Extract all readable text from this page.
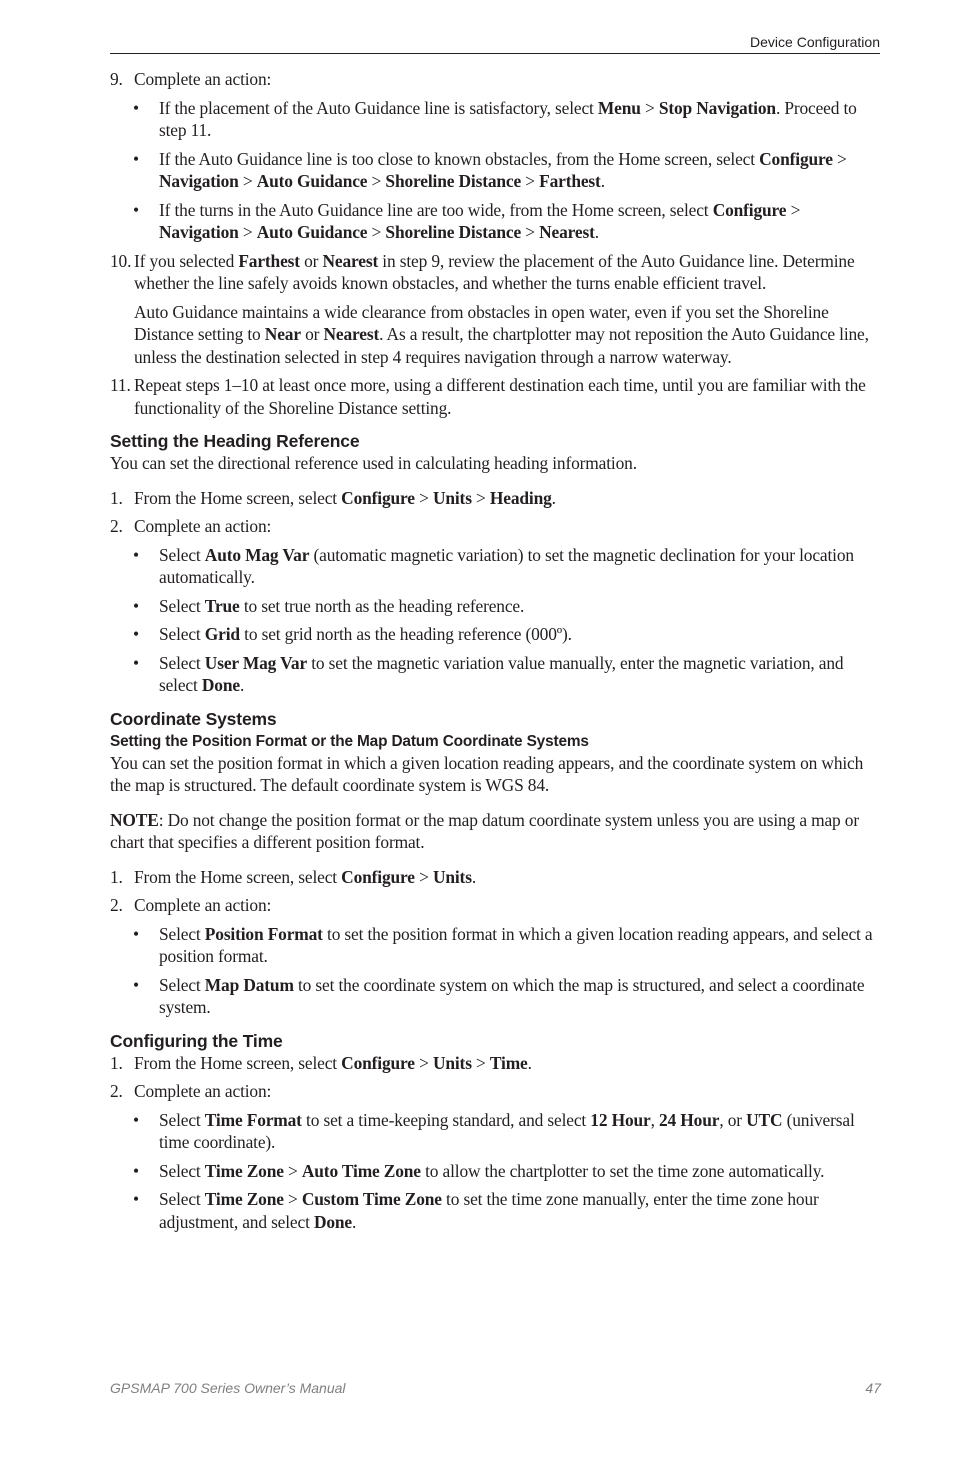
Device Configuration
9. Complete an action:
• If the placement of the Auto Guidance line is satisfactory, select Menu > Stop Navigation. Proceed to step 11.
• If the Auto Guidance line is too close to known obstacles, from the Home screen, select Configure > Navigation > Auto Guidance > Shoreline Distance > Farthest.
• If the turns in the Auto Guidance line are too wide, from the Home screen, select Configure > Navigation > Auto Guidance > Shoreline Distance > Nearest.
10. If you selected Farthest or Nearest in step 9, review the placement of the Auto Guidance line. Determine whether the line safely avoids known obstacles, and whether the turns enable efficient travel.
Auto Guidance maintains a wide clearance from obstacles in open water, even if you set the Shoreline Distance setting to Near or Nearest. As a result, the chartplotter may not reposition the Auto Guidance line, unless the destination selected in step 4 requires navigation through a narrow waterway.
11. Repeat steps 1–10 at least once more, using a different destination each time, until you are familiar with the functionality of the Shoreline Distance setting.
Setting the Heading Reference
You can set the directional reference used in calculating heading information.
1. From the Home screen, select Configure > Units > Heading.
2. Complete an action:
• Select Auto Mag Var (automatic magnetic variation) to set the magnetic declination for your location automatically.
• Select True to set true north as the heading reference.
• Select Grid to set grid north as the heading reference (000º).
• Select User Mag Var to set the magnetic variation value manually, enter the magnetic variation, and select Done.
Coordinate Systems
Setting the Position Format or the Map Datum Coordinate Systems
You can set the position format in which a given location reading appears, and the coordinate system on which the map is structured. The default coordinate system is WGS 84.
NOTE: Do not change the position format or the map datum coordinate system unless you are using a map or chart that specifies a different position format.
1. From the Home screen, select Configure > Units.
2. Complete an action:
• Select Position Format to set the position format in which a given location reading appears, and select a position format.
• Select Map Datum to set the coordinate system on which the map is structured, and select a coordinate system.
Configuring the Time
1. From the Home screen, select Configure > Units > Time.
2. Complete an action:
• Select Time Format to set a time-keeping standard, and select 12 Hour, 24 Hour, or UTC (universal time coordinate).
• Select Time Zone > Auto Time Zone to allow the chartplotter to set the time zone automatically.
• Select Time Zone > Custom Time Zone to set the time zone manually, enter the time zone hour adjustment, and select Done.
GPSMAP 700 Series Owner’s Manual	47
